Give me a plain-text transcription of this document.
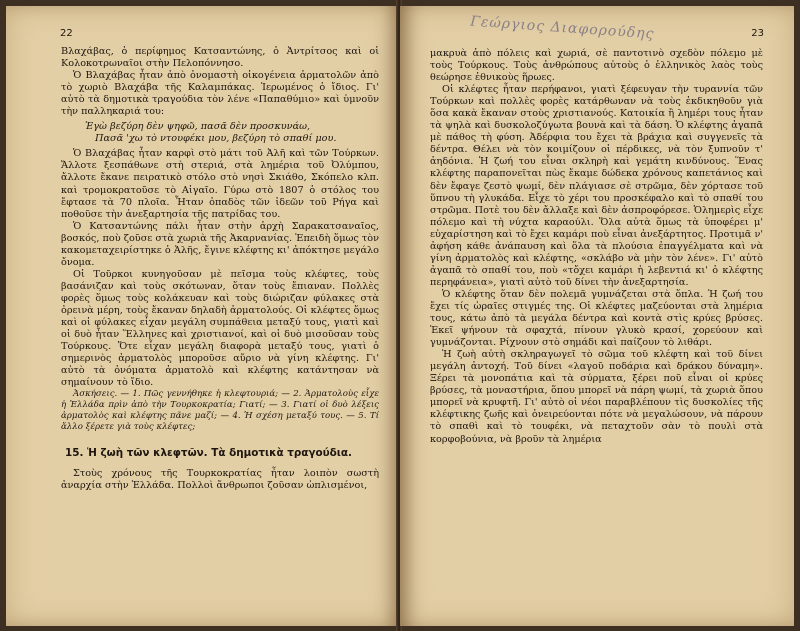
22

Βλαχάβας, ὁ περίφημος Κατσαντώνης, ὁ Ἀντρίτσος καὶ οἱ Κολοκοτρωναῖοι στὴν Πελοπόννησο.

Ὁ Βλαχάβας ἦταν ἀπὸ ὀνομαστὴ οἰκογένεια ἀρματολῶν ἀπὸ τὸ χωριὸ Βλαχάβα τῆς Καλαμπάκας. Ἱερωμένος ὁ ἴδιος. Γι' αὐτὸ τὰ δημοτικὰ τραγούδια τὸν λένε «Παπαθύμιο» καὶ ὑμνοῦν τὴν παλληκαριά του:

Ἐγὼ βεζύρη δὲν ψηφῶ, πασᾶ δὲν προσκυνάω,
Πασᾶ 'χω τὸ ντουφέκι μου, βεζύρη τὸ σπαθί μου.

Ὁ Βλαχάβας ἦταν καρφὶ στὸ μάτι τοῦ Ἀλῆ καὶ τῶν Τούρκων. Ἄλλοτε ξεσπάθωνε στὴ στεριά, στὰ λημέρια τοῦ Ὀλύμπου, ἄλλοτε ἔκανε πειρατικὸ στόλο στὸ νησὶ Σκιάθο, Σκόπελο κλπ. καὶ τρομοκρατοῦσε τὸ Αἰγαῖο. Γύρω στὸ 1807 ὁ στόλος του ἔφτασε τὰ 70 πλοῖα. Ἦταν ὀπαδὸς τῶν ἰδεῶν τοῦ Ρήγα καὶ ποθοῦσε τὴν ἀνεξαρτησία τῆς πατρίδας του.

Ὁ Κατσαντώνης πάλι ἦταν στὴν ἀρχὴ Σαρακατσαναῖος, βοσκός, ποὺ ζοῦσε στὰ χωριὰ τῆς Ἀκαρνανίας. Ἐπειδὴ ὅμως τὸν κακομεταχειρίστηκε ὁ Ἀλῆς, ἔγινε κλέφτης κι' ἀπόκτησε μεγάλο ὄνομα.

Οἱ Τοῦρκοι κυνηγοῦσαν μὲ πεῖσμα τοὺς κλέφτες, τοὺς βασάνιζαν καὶ τοὺς σκότωναν, ὅταν τοὺς ἔπιαναν. Πολλὲς φορὲς ὅμως τοὺς κολάκευαν καὶ τοὺς διώριζαν φύλακες στὰ ὀρεινὰ μέρη, τοὺς ἔκαναν δηλαδὴ ἀρματολούς. Οἱ κλέφτες ὅμως καὶ οἱ φύλακες εἶχαν μεγάλη συμπάθεια μεταξύ τους, γιατὶ καὶ οἱ δυὸ ἦταν Ἕλληνες καὶ χριστιανοί, καὶ οἱ δυὸ μισοῦσαν τοὺς Τούρκους. Ὅτε εἶχαν μεγάλη διαφορὰ μεταξύ τους, γιατὶ ὁ σημερινὸς ἀρματολὸς μποροῦσε αὔριο νὰ γίνη κλέφτης. Γι' αὐτὸ τὰ ὀνόματα ἀρματολὸ καὶ κλέφτης κατάντησαν νὰ σημαίνουν τὸ ἴδιο.

Ἀσκήσεις. — 1. Πῶς γεννήθηκε ἡ κλεφτουριά; — 2. Ἀρματολοὺς εἶχε ἡ Ἑλλάδα πρὶν ἀπὸ τὴν Τουρκοκρατία; Γιατί; — 3. Γιατί οἱ δυὸ λέξεις ἀρματολὸς καὶ κλέφτης πᾶνε μαζί; — 4. Ἡ σχέση μεταξύ τους. — 5. Τί ἄλλο ξέρετε γιὰ τοὺς κλέφτες;

15. Ἡ ζωὴ τῶν κλεφτῶν. Τὰ δημοτικὰ τραγούδια.

Στοὺς χρόνους τῆς Τουρκοκρατίας ἦταν λοιπὸν σωστὴ ἀναρχία στὴν Ἑλλάδα. Πολλοὶ ἄνθρωποι ζοῦσαν ὡπλισμένοι,

Γεώργιος Διαφορούδης	23

μακρυὰ ἀπὸ πόλεις καὶ χωριά, σὲ παντοτινὸ σχεδὸν πόλεμο μὲ τοὺς Τούρκους. Τοὺς ἀνθρώπους αὐτοὺς ὁ ἑλληνικὸς λαὸς τοὺς θεώρησε ἐθνικοὺς ἥρωες.

Οἱ κλέφτες ἦταν περήφανοι, γιατὶ ξέφευγαν τὴν τυραννία τῶν Τούρκων καὶ πολλὲς φορὲς κατάρθωναν νὰ τοὺς ἐκδικηθοῦν γιὰ ὅσα κακὰ ἔκαναν στοὺς χριστιανούς. Κατοικία ἢ λημέρι τους ἦταν τὰ ψηλὰ καὶ δυσκολοζύγωτα βουνὰ καὶ τὰ δάση. Ὁ κλέφτης ἀγαπᾶ μὲ πάθος τὴ φύση. Ἀδέρφια του ἔχει τὰ βράχια καὶ συγγενεῖς τὰ δέντρα. Θέλει νὰ τὸν κοιμίζουν οἱ πέρδικες, νὰ τὸν ξυπνοῦν τ' ἀηδόνια. Ἡ ζωή του εἶναι σκληρὴ καὶ γεμάτη κινδύνους. Ἕνας κλέφτης παραπονεῖται πὼς ἔκαμε δώδεκα χρόνους καπετάνιος καὶ δὲν ἔφαγε ζεστὸ ψωμί, δὲν πλάγιασε σὲ στρῶμα, δὲν χόρτασε τοῦ ὕπνου τὴ γλυκάδα. Εἶχε τὸ χέρι του προσκέφαλο καὶ τὸ σπαθί του στρῶμα. Ποτὲ του δὲν ἄλλαξε καὶ δὲν ἀσπροφόρεσε. Ὁλημερὶς εἶχε πόλεμο καὶ τὴ νύχτα καραούλι. Ὅλα αὐτὰ ὅμως τὰ ὑποφέρει μ' εὐχαρίστηση καὶ τὸ ἔχει καμάρι ποὺ εἶναι ἀνεξάρτητος. Προτιμᾶ ν' ἀφήση κάθε ἀνάπαυση καὶ ὅλα τὰ πλούσια ἐπαγγέλματα καὶ νὰ γίνη ἀρματολὸς καὶ κλέφτης, «σκλάβο νὰ μὴν τὸν λένε». Γι' αὐτὸ ἀγαπᾶ τὸ σπαθί του, ποὺ «τὄχει καμάρι ἡ λεβεντιά κι' ὁ κλέφτης περηφάνεια», γιατὶ αὐτὸ τοῦ δίνει τὴν ἀνεξαρτησία.

Ὁ κλέφτης ὅταν δὲν πολεμᾶ γυμνάζεται στὰ ὅπλα. Ἡ ζωή του ἔχει τίς ὡραῖες στιγμές της. Οἱ κλέφτες μαζεύονται στὰ λημέρια τους, κάτω ἀπὸ τὰ μεγάλα δέντρα καὶ κοντὰ στὶς κρύες βρύσες. Ἐκεῖ ψήνουν τὰ σφαχτά, πίνουν γλυκὸ κρασί, χορεύουν καὶ γυμνάζονται. Ρίχνουν στὸ σημάδι καὶ παίζουν τὸ λιθάρι.

Ἡ ζωὴ αὐτὴ σκληραγωγεῖ τὸ σῶμα τοῦ κλέφτη καὶ τοῦ δίνει μεγάλη ἀντοχή. Τοῦ δίνει «λαγοῦ ποδάρια καὶ δράκου δύναμη». Ξέρει τὰ μονοπάτια καὶ τὰ σύρματα, ξέρει ποῦ εἶναι οἱ κρύες βρύσες, τὰ μοναστήρια, ὅπου μπορεῖ νὰ πάρη ψωμί, τὰ χωριὰ ὅπου μπορεῖ νὰ κρυφτῆ. Γι' αὐτὸ οἱ νέοι παραβλέπουν τὶς δυσκολίες τῆς κλέφτικης ζωῆς καὶ ὀνειρεύονται πότε νὰ μεγαλώσουν, νὰ πάρουν τὸ σπαθὶ καὶ τὸ τουφέκι, νὰ πεταχτοῦν σὰν τὸ πουλὶ στὰ κορφοβούνια, νὰ βροῦν τὰ λημέρια
